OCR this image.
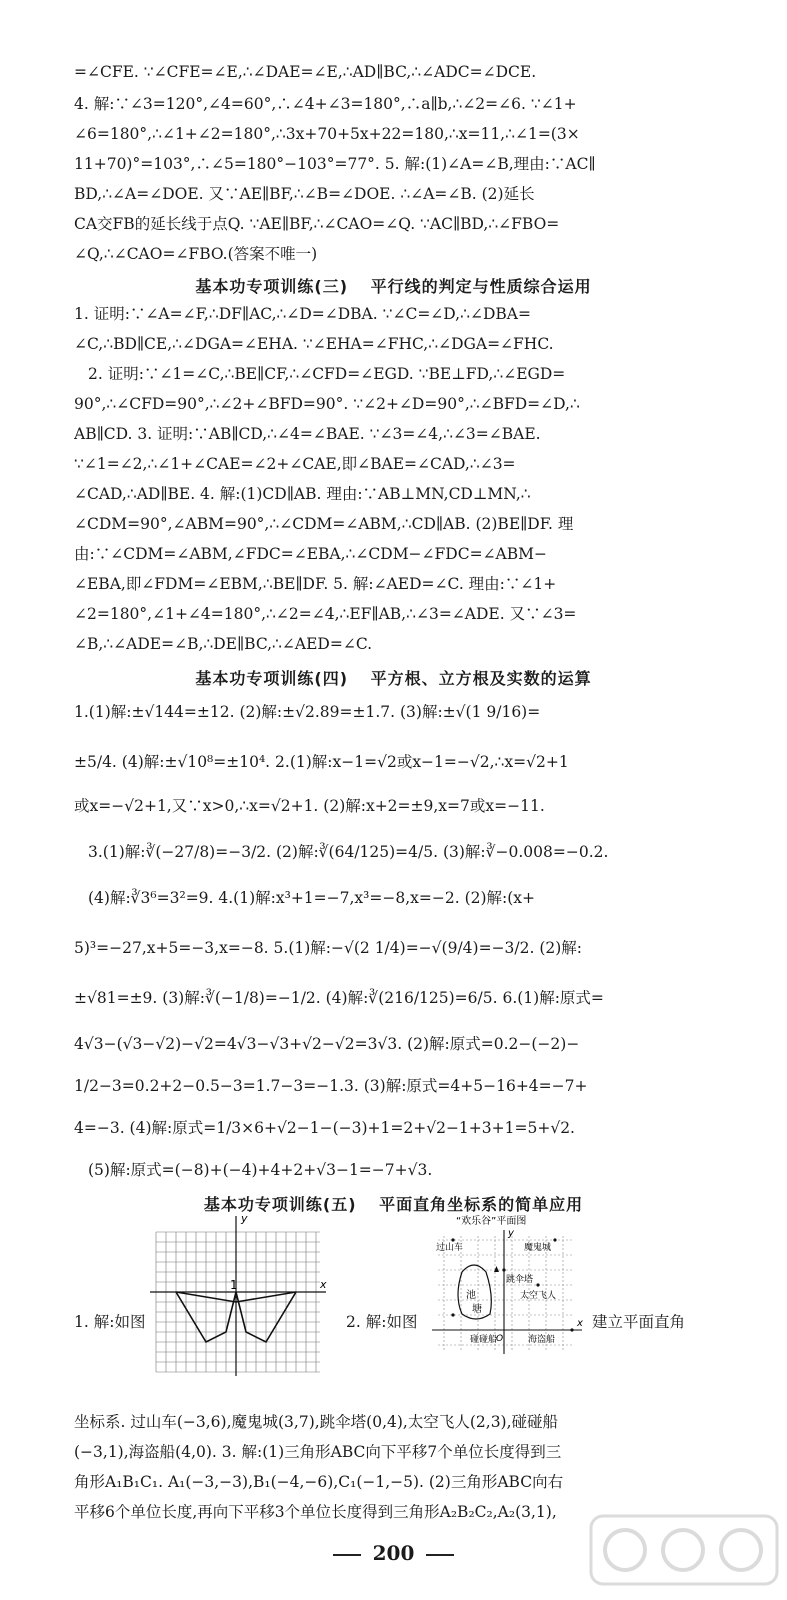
=∠CFE. ∵∠CFE=∠E,∴∠DAE=∠E,∴AD∥BC,∴∠ADC=∠DCE.
4. 解:∵∠3=120°,∠4=60°,∴∠4+∠3=180°,∴a∥b,∴∠2=∠6. ∵∠1+
∠6=180°,∴∠1+∠2=180°,∴3x+70+5x+22=180,∴x=11,∴∠1=(3×
11+70)°=103°,∴∠5=180°−103°=77°. 5. 解:(1)∠A=∠B,理由:∵AC∥
BD,∴∠A=∠DOE. 又∵AE∥BF,∴∠B=∠DOE. ∴∠A=∠B. (2)延长
CA交FB的延长线于点Q. ∵AE∥BF,∴∠CAO=∠Q. ∵AC∥BD,∴∠FBO=
∠Q,∴∠CAO=∠FBO.(答案不唯一)
基本功专项训练(三) 平行线的判定与性质综合运用
1. 证明:∵∠A=∠F,∴DF∥AC,∴∠D=∠DBA. ∵∠C=∠D,∴∠DBA=
∠C,∴BD∥CE,∴∠DGA=∠EHA. ∵∠EHA=∠FHC,∴∠DGA=∠FHC.
2. 证明:∵∠1=∠C,∴BE∥CF,∴∠CFD=∠EGD. ∵BE⊥FD,∴∠EGD=
90°,∴∠CFD=90°,∴∠2+∠BFD=90°. ∵∠2+∠D=90°,∴∠BFD=∠D,∴
AB∥CD. 3. 证明:∵AB∥CD,∴∠4=∠BAE. ∵∠3=∠4,∴∠3=∠BAE.
∵∠1=∠2,∴∠1+∠CAE=∠2+∠CAE,即∠BAE=∠CAD,∴∠3=
∠CAD,∴AD∥BE. 4. 解:(1)CD∥AB. 理由:∵AB⊥MN,CD⊥MN,∴
∠CDM=90°,∠ABM=90°,∴∠CDM=∠ABM,∴CD∥AB. (2)BE∥DF. 理
由:∵∠CDM=∠ABM,∠FDC=∠EBA,∴∠CDM−∠FDC=∠ABM−
∠EBA,即∠FDM=∠EBM,∴BE∥DF. 5. 解:∠AED=∠C. 理由:∵∠1+
∠2=180°,∠1+∠4=180°,∴∠2=∠4,∴EF∥AB,∴∠3=∠ADE. 又∵∠3=
∠B,∴∠ADE=∠B,∴DE∥BC,∴∠AED=∠C.
基本功专项训练(四) 平方根、立方根及实数的运算
1.(1)解:±√144=±12. (2)解:±√2.89=±1.7. (3)解:±√(1 9/16)=
±5/4. (4)解:±√10⁸=±10⁴. 2.(1)解:x−1=√2或x−1=−√2,∴x=√2+1
或x=−√2+1,又∵x>0,∴x=√2+1. (2)解:x+2=±9,x=7或x=−11.
3.(1)解:∛(−27/8)=−3/2. (2)解:∛(64/125)=4/5. (3)解:∛−0.008=−0.2.
(4)解:∛3⁶=3²=9. 4.(1)解:x³+1=−7,x³=−8,x=−2. (2)解:(x+
5)³=−27,x+5=−3,x=−8. 5.(1)解:−√(2 1/4)=−√(9/4)=−3/2. (2)解:
±√81=±9. (3)解:∛(−1/8)=−1/2. (4)解:∛(216/125)=6/5. 6.(1)解:原式=
4√3−(√3−√2)−√2=4√3−√3+√2−√2=3√3. (2)解:原式=0.2−(−2)−
1/2−3=0.2+2−0.5−3=1.7−3=−1.3. (3)解:原式=4+5−16+4=−7+
4=−3. (4)解:原式=1/3×6+√2−1−(−3)+1=2+√2−1+3+1=5+√2.
(5)解:原式=(−8)+(−4)+4+2+√3−1=−7+√3.
基本功专项训练(五) 平面直角坐标系的简单应用
1. 解:如图
x
y
1
2. 解:如图	建立平面直角
“欢乐谷”平面图
x
y
O
过山车	魔鬼城
跳伞塔
太空飞人
池
塘
碰碰船	海盗船
坐标系. 过山车(−3,6),魔鬼城(3,7),跳伞塔(0,4),太空飞人(2,3),碰碰船
(−3,1),海盗船(4,0). 3. 解:(1)三角形ABC向下平移7个单位长度得到三
角形A₁B₁C₁. A₁(−3,−3),B₁(−4,−6),C₁(−1,−5). (2)三角形ABC向右
平移6个单位长度,再向下平移3个单位长度得到三角形A₂B₂C₂,A₂(3,1),
200
